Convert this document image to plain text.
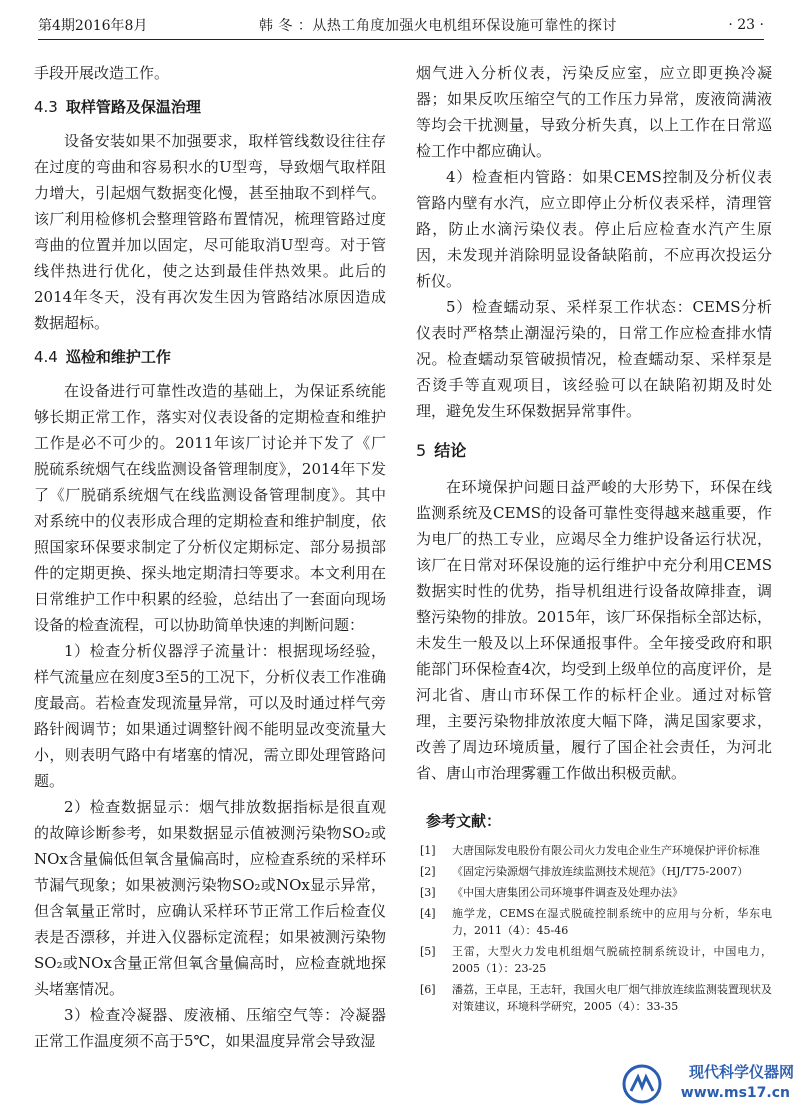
第4期2016年8月	韩 冬 ：从热工角度加强火电机组环保设施可靠性的探讨	· 23 ·

手段开展改造工作。

4.3 取样管路及保温治理

设备安装如果不加强要求，取样管线数设往往存在过度的弯曲和容易积水的U型弯，导致烟气取样阻力增大，引起烟气数据变化慢，甚至抽取不到样气。该厂利用检修机会整理管路布置情况，梳理管路过度弯曲的位置并加以固定，尽可能取消U型弯。对于管线伴热进行优化，使之达到最佳伴热效果。此后的2014年冬天，没有再次发生因为管路结冰原因造成数据超标。

4.4 巡检和维护工作

在设备进行可靠性改造的基础上，为保证系统能够长期正常工作，落实对仪表设备的定期检查和维护工作是必不可少的。2011年该厂讨论并下发了《厂脱硫系统烟气在线监测设备管理制度》，2014年下发了《厂脱硝系统烟气在线监测设备管理制度》。其中对系统中的仪表形成合理的定期检查和维护制度，依照国家环保要求制定了分析仪定期标定、部分易损部件的定期更换、探头地定期清扫等要求。本文利用在日常维护工作中积累的经验，总结出了一套面向现场设备的检查流程，可以协助简单快速的判断问题：

1）检查分析仪器浮子流量计：根据现场经验，样气流量应在刻度3至5的工况下，分析仪表工作准确度最高。若检查发现流量异常，可以及时通过样气旁路针阀调节；如果通过调整针阀不能明显改变流量大小，则表明气路中有堵塞的情况，需立即处理管路问题。

2）检查数据显示：烟气排放数据指标是很直观的故障诊断参考，如果数据显示值被测污染物SO₂或NOx含量偏低但氧含量偏高时，应检查系统的采样环节漏气现象；如果被测污染物SO₂或NOx显示异常，但含氧量正常时，应确认采样环节正常工作后检查仪表是否漂移，并进入仪器标定流程；如果被测污染物SO₂或NOx含量正常但氧含量偏高时，应检查就地探头堵塞情况。

3）检查冷凝器、废液桶、压缩空气等：冷凝器正常工作温度须不高于5℃，如果温度异常会导致湿

烟气进入分析仪表，污染反应室，应立即更换冷凝器；如果反吹压缩空气的工作压力异常，废液筒满液等均会干扰测量，导致分析失真，以上工作在日常巡检工作中都应确认。

4）检查柜内管路：如果CEMS控制及分析仪表管路内壁有水汽，应立即停止分析仪表采样，清理管路，防止水滴污染仪表。停止后应检查水汽产生原因，未发现并消除明显设备缺陷前，不应再次投运分析仪。

5）检查蠕动泵、采样泵工作状态：CEMS分析仪表时严格禁止潮湿污染的，日常工作应检查排水情况。检查蠕动泵管破损情况，检查蠕动泵、采样泵是否烫手等直观项目，该经验可以在缺陷初期及时处理，避免发生环保数据异常事件。

5 结论

在环境保护问题日益严峻的大形势下，环保在线监测系统及CEMS的设备可靠性变得越来越重要，作为电厂的热工专业，应竭尽全力维护设备运行状况，该厂在日常对环保设施的运行维护中充分利用CEMS数据实时性的优势，指导机组进行设备故障排查，调整污染物的排放。2015年，该厂环保指标全部达标，未发生一般及以上环保通报事件。全年接受政府和职能部门环保检查4次，均受到上级单位的高度评价，是河北省、唐山市环保工作的标杆企业。通过对标管理，主要污染物排放浓度大幅下降，满足国家要求，改善了周边环境质量，履行了国企社会责任，为河北省、唐山市治理雾霾工作做出积极贡献。

参考文献：
[1]	大唐国际发电股份有限公司火力发电企业生产环境保护评价标准
[2]	《固定污染源烟气排放连续监测技术规范》（HJ/T75-2007）
[3]	《中国大唐集团公司环境事件调查及处理办法》
[4]	施学龙，CEMS在湿式脱硫控制系统中的应用与分析，华东电力，2011（4）：45-46
[5]	王雷，大型火力发电机组烟气脱硫控制系统设计，中国电力，2005（1）：23-25
[6]	潘荔，王卓昆，王志轩，我国火电厂烟气排放连续监测装置现状及对策建议，环境科学研究，2005（4）：33-35
现代科学仪器网
www.ms17.cn
